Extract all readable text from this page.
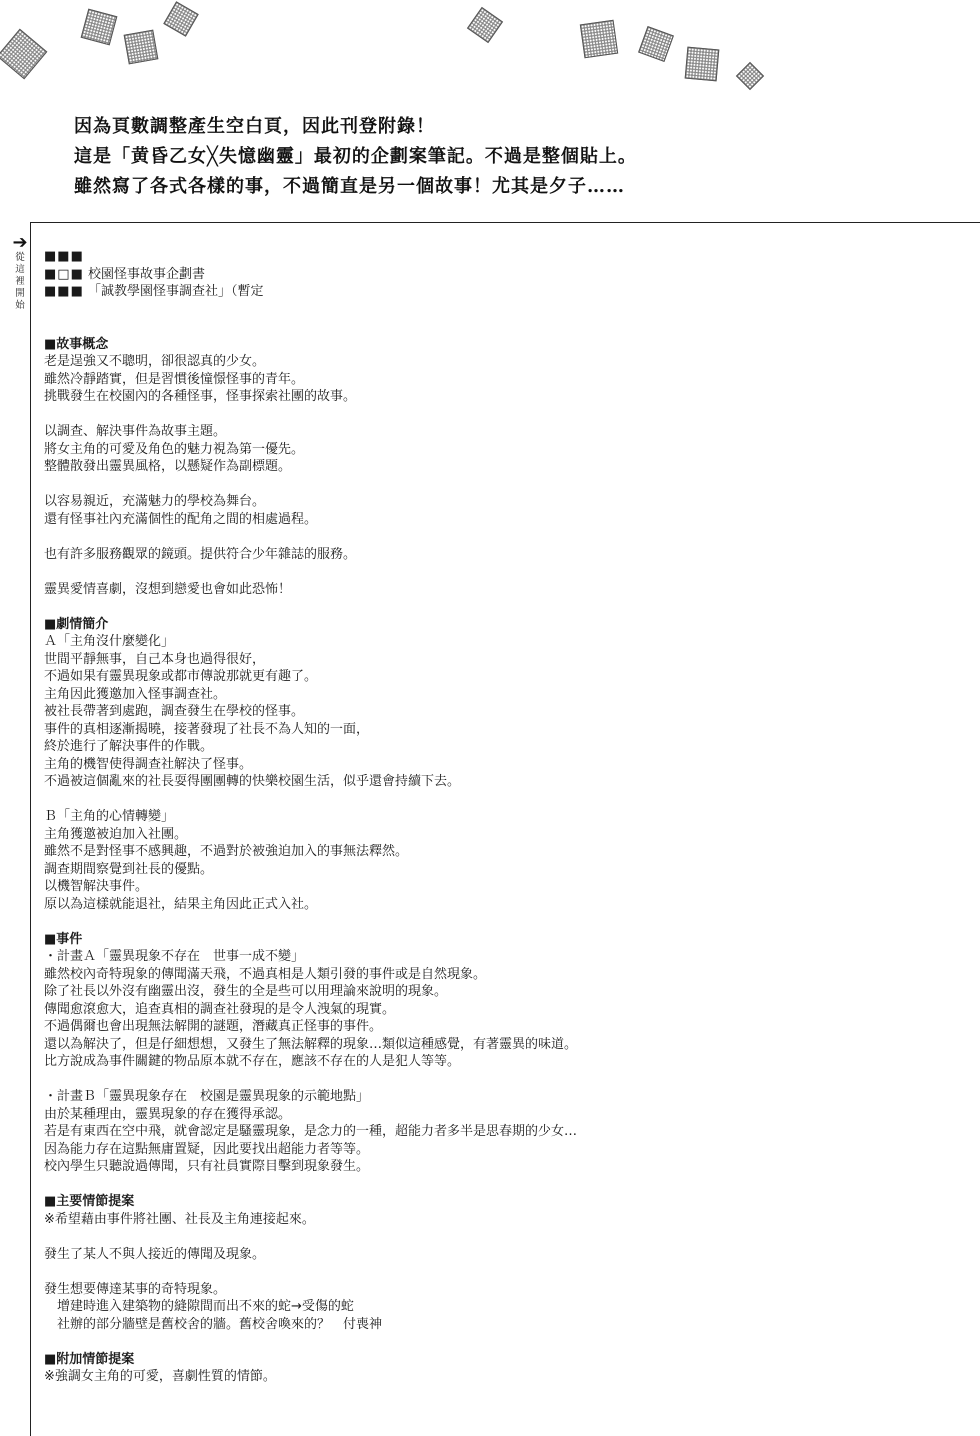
因為頁數調整產生空白頁，因此刊登附錄！
這是「黄昏乙女╳失憶幽靈」最初的企劃案筆記。不過是整個貼上。
雖然寫了各式各樣的事，不過簡直是另一個故事！尤其是夕子……
➔
從
這
裡
開
始
■■■
■□■ 校園怪事故事企劃書
■■■ 「誠教學園怪事調查社」（暫定
■故事概念
老是逞強又不聰明，卻很認真的少女。
雖然冷靜踏實，但是習慣後憧憬怪事的青年。
挑戰發生在校園內的各種怪事，怪事探索社團的故事。
以調查、解決事件為故事主題。
將女主角的可愛及角色的魅力視為第一優先。
整體散發出靈異風格，以懸疑作為副標題。
以容易親近，充滿魅力的學校為舞台。
還有怪事社內充滿個性的配角之間的相處過程。
也有許多服務觀眾的鏡頭。提供符合少年雜誌的服務。
靈異愛情喜劇，沒想到戀愛也會如此恐怖！
■劇情簡介
Ａ「主角沒什麼變化」
世間平靜無事，自己本身也過得很好，
不過如果有靈異現象或都市傳說那就更有趣了。
主角因此獲邀加入怪事調查社。
被社長帶著到處跑，調查發生在學校的怪事。
事件的真相逐漸揭曉，接著發現了社長不為人知的一面，
終於進行了解決事件的作戰。
主角的機智使得調查社解決了怪事。
不過被這個亂來的社長耍得團團轉的快樂校園生活，似乎還會持續下去。
Ｂ「主角的心情轉變」
主角獲邀被迫加入社團。
雖然不是對怪事不感興趣，不過對於被強迫加入的事無法釋然。
調查期間察覺到社長的優點。
以機智解決事件。
原以為這樣就能退社，結果主角因此正式入社。
■事件
・計畫Ａ「靈異現象不存在　世事一成不變」
雖然校內奇特現象的傳聞滿天飛，不過真相是人類引發的事件或是自然現象。
除了社長以外沒有幽靈出沒，發生的全是些可以用理論來說明的現象。
傳聞愈滾愈大，追查真相的調查社發現的是令人洩氣的現實。
不過偶爾也會出現無法解開的謎題，潛藏真正怪事的事件。
還以為解決了，但是仔細想想，又發生了無法解釋的現象…類似這種感覺，有著靈異的味道。
比方說成為事件關鍵的物品原本就不存在，應該不存在的人是犯人等等。
・計畫Ｂ「靈異現象存在　校園是靈異現象的示範地點」
由於某種理由，靈異現象的存在獲得承認。
若是有東西在空中飛，就會認定是騷靈現象，是念力的一種，超能力者多半是思春期的少女…
因為能力存在這點無庸置疑，因此要找出超能力者等等。
校內學生只聽說過傳聞，只有社員實際目擊到現象發生。
■主要情節提案
※希望藉由事件將社團、社長及主角連接起來。
發生了某人不與人接近的傳聞及現象。
發生想要傳達某事的奇特現象。
　增建時進入建築物的縫隙間而出不來的蛇→受傷的蛇
　社辦的部分牆壁是舊校舍的牆。舊校舍喚來的？　付喪神
■附加情節提案
※強調女主角的可愛，喜劇性質的情節。
